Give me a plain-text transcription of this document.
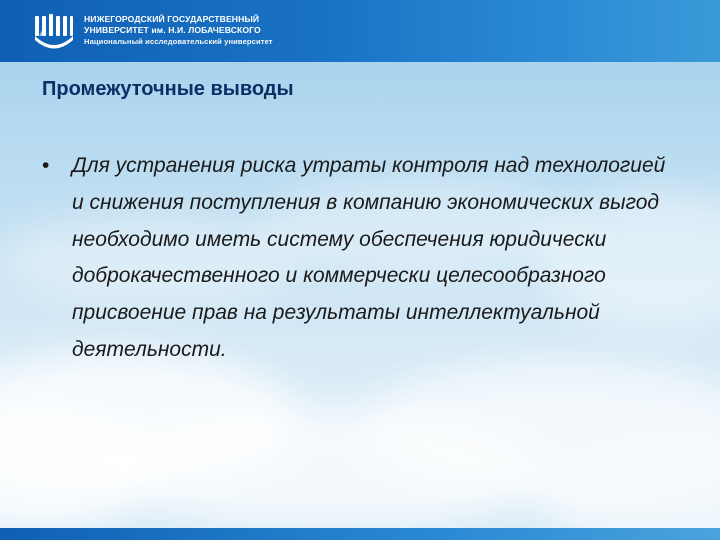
НИЖЕГОРОДСКИЙ ГОСУДАРСТВЕННЫЙ
УНИВЕРСИТЕТ им. Н.И. ЛОБАЧЕВСКОГО
Национальный исследовательский университет
Промежуточные выводы
• Для устранения риска утраты контроля над технологией и снижения поступления в компанию экономических выгод необходимо иметь систему обеспечения юридически доброкачественного и коммерчески целесообразного присвоение прав на результаты интеллектуальной деятельности.
